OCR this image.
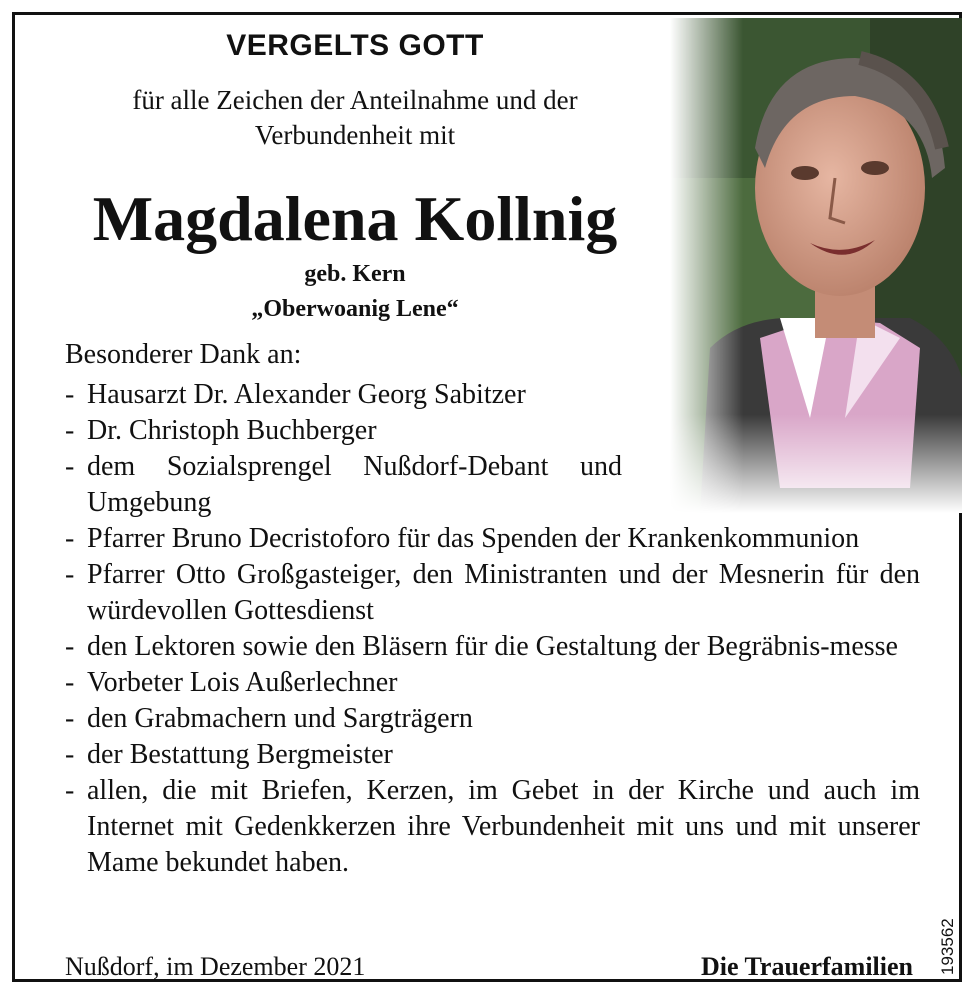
VERGELTS GOTT
für alle Zeichen der Anteilnahme und der
Verbundenheit mit
Magdalena Kollnig
geb. Kern
„Oberwoanig Lene“
Besonderer Dank an:
- Hausarzt Dr. Alexander Georg Sabitzer
- Dr. Christoph Buchberger
- dem Sozialsprengel Nußdorf-Debant und Umgebung
- Pfarrer Bruno Decristoforo für das Spenden der Krankenkommunion
- Pfarrer Otto Großgasteiger, den Ministranten und der Mesnerin für den würdevollen Gottesdienst
- den Lektoren sowie den Bläsern für die Gestaltung der Begräbnis-messe
- Vorbeter Lois Außerlechner
- den Grabmachern und Sargträgern
- der Bestattung Bergmeister
- allen, die mit Briefen, Kerzen, im Gebet in der Kirche und auch im Internet mit Gedenkkerzen ihre Verbundenheit mit uns und mit unserer Mame bekundet haben.
Nußdorf, im Dezember 2021	Die Trauerfamilien 193562
